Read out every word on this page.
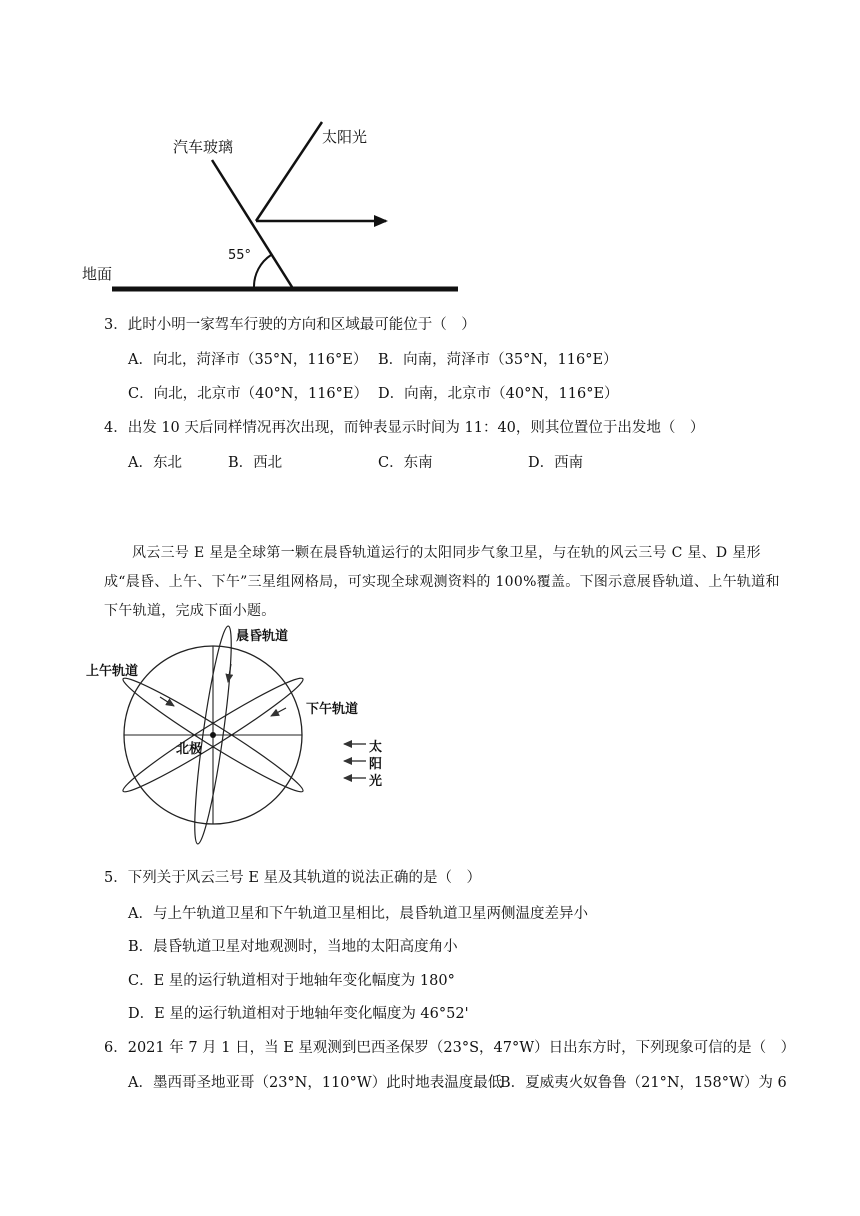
汽车玻璃
太阳光
55°
地面
3．此时小明一家驾车行驶的方向和区域最可能位于（　）
A．向北，菏泽市（35°N，116°E） B．向南，菏泽市（35°N，116°E）
C．向北，北京市（40°N，116°E） D．向南，北京市（40°N，116°E）
4．出发 10 天后同样情况再次出现，而钟表显示时间为 11：40，则其位置位于出发地（　）
A．东北	B．西北	C．东南	D．西南
风云三号 E 星是全球第一颗在晨昏轨道运行的太阳同步气象卫星，与在轨的风云三号 C 星、D 星形
成“晨昏、上午、下午”三星组网格局，可实现全球观测资料的 100%覆盖。下图示意展昏轨道、上午轨道和
下午轨道，完成下面小题。
晨昏轨道
上午轨道
下午轨道
北极	太
阳
光
5．下列关于风云三号 E 星及其轨道的说法正确的是（　）
A．与上午轨道卫星和下午轨道卫星相比，晨昏轨道卫星两侧温度差异小
B．晨昏轨道卫星对地观测时，当地的太阳高度角小
C．E 星的运行轨道相对于地轴年变化幅度为 180°
D．E 星的运行轨道相对于地轴年变化幅度为 46°52'
6．2021 年 7 月 1 日，当 E 星观测到巴西圣保罗（23°S，47°W）日出东方时，下列现象可信的是（　）
A．墨西哥圣地亚哥（23°N，110°W）此时地表温度最低
B．夏威夷火奴鲁鲁（21°N，158°W）为 6
